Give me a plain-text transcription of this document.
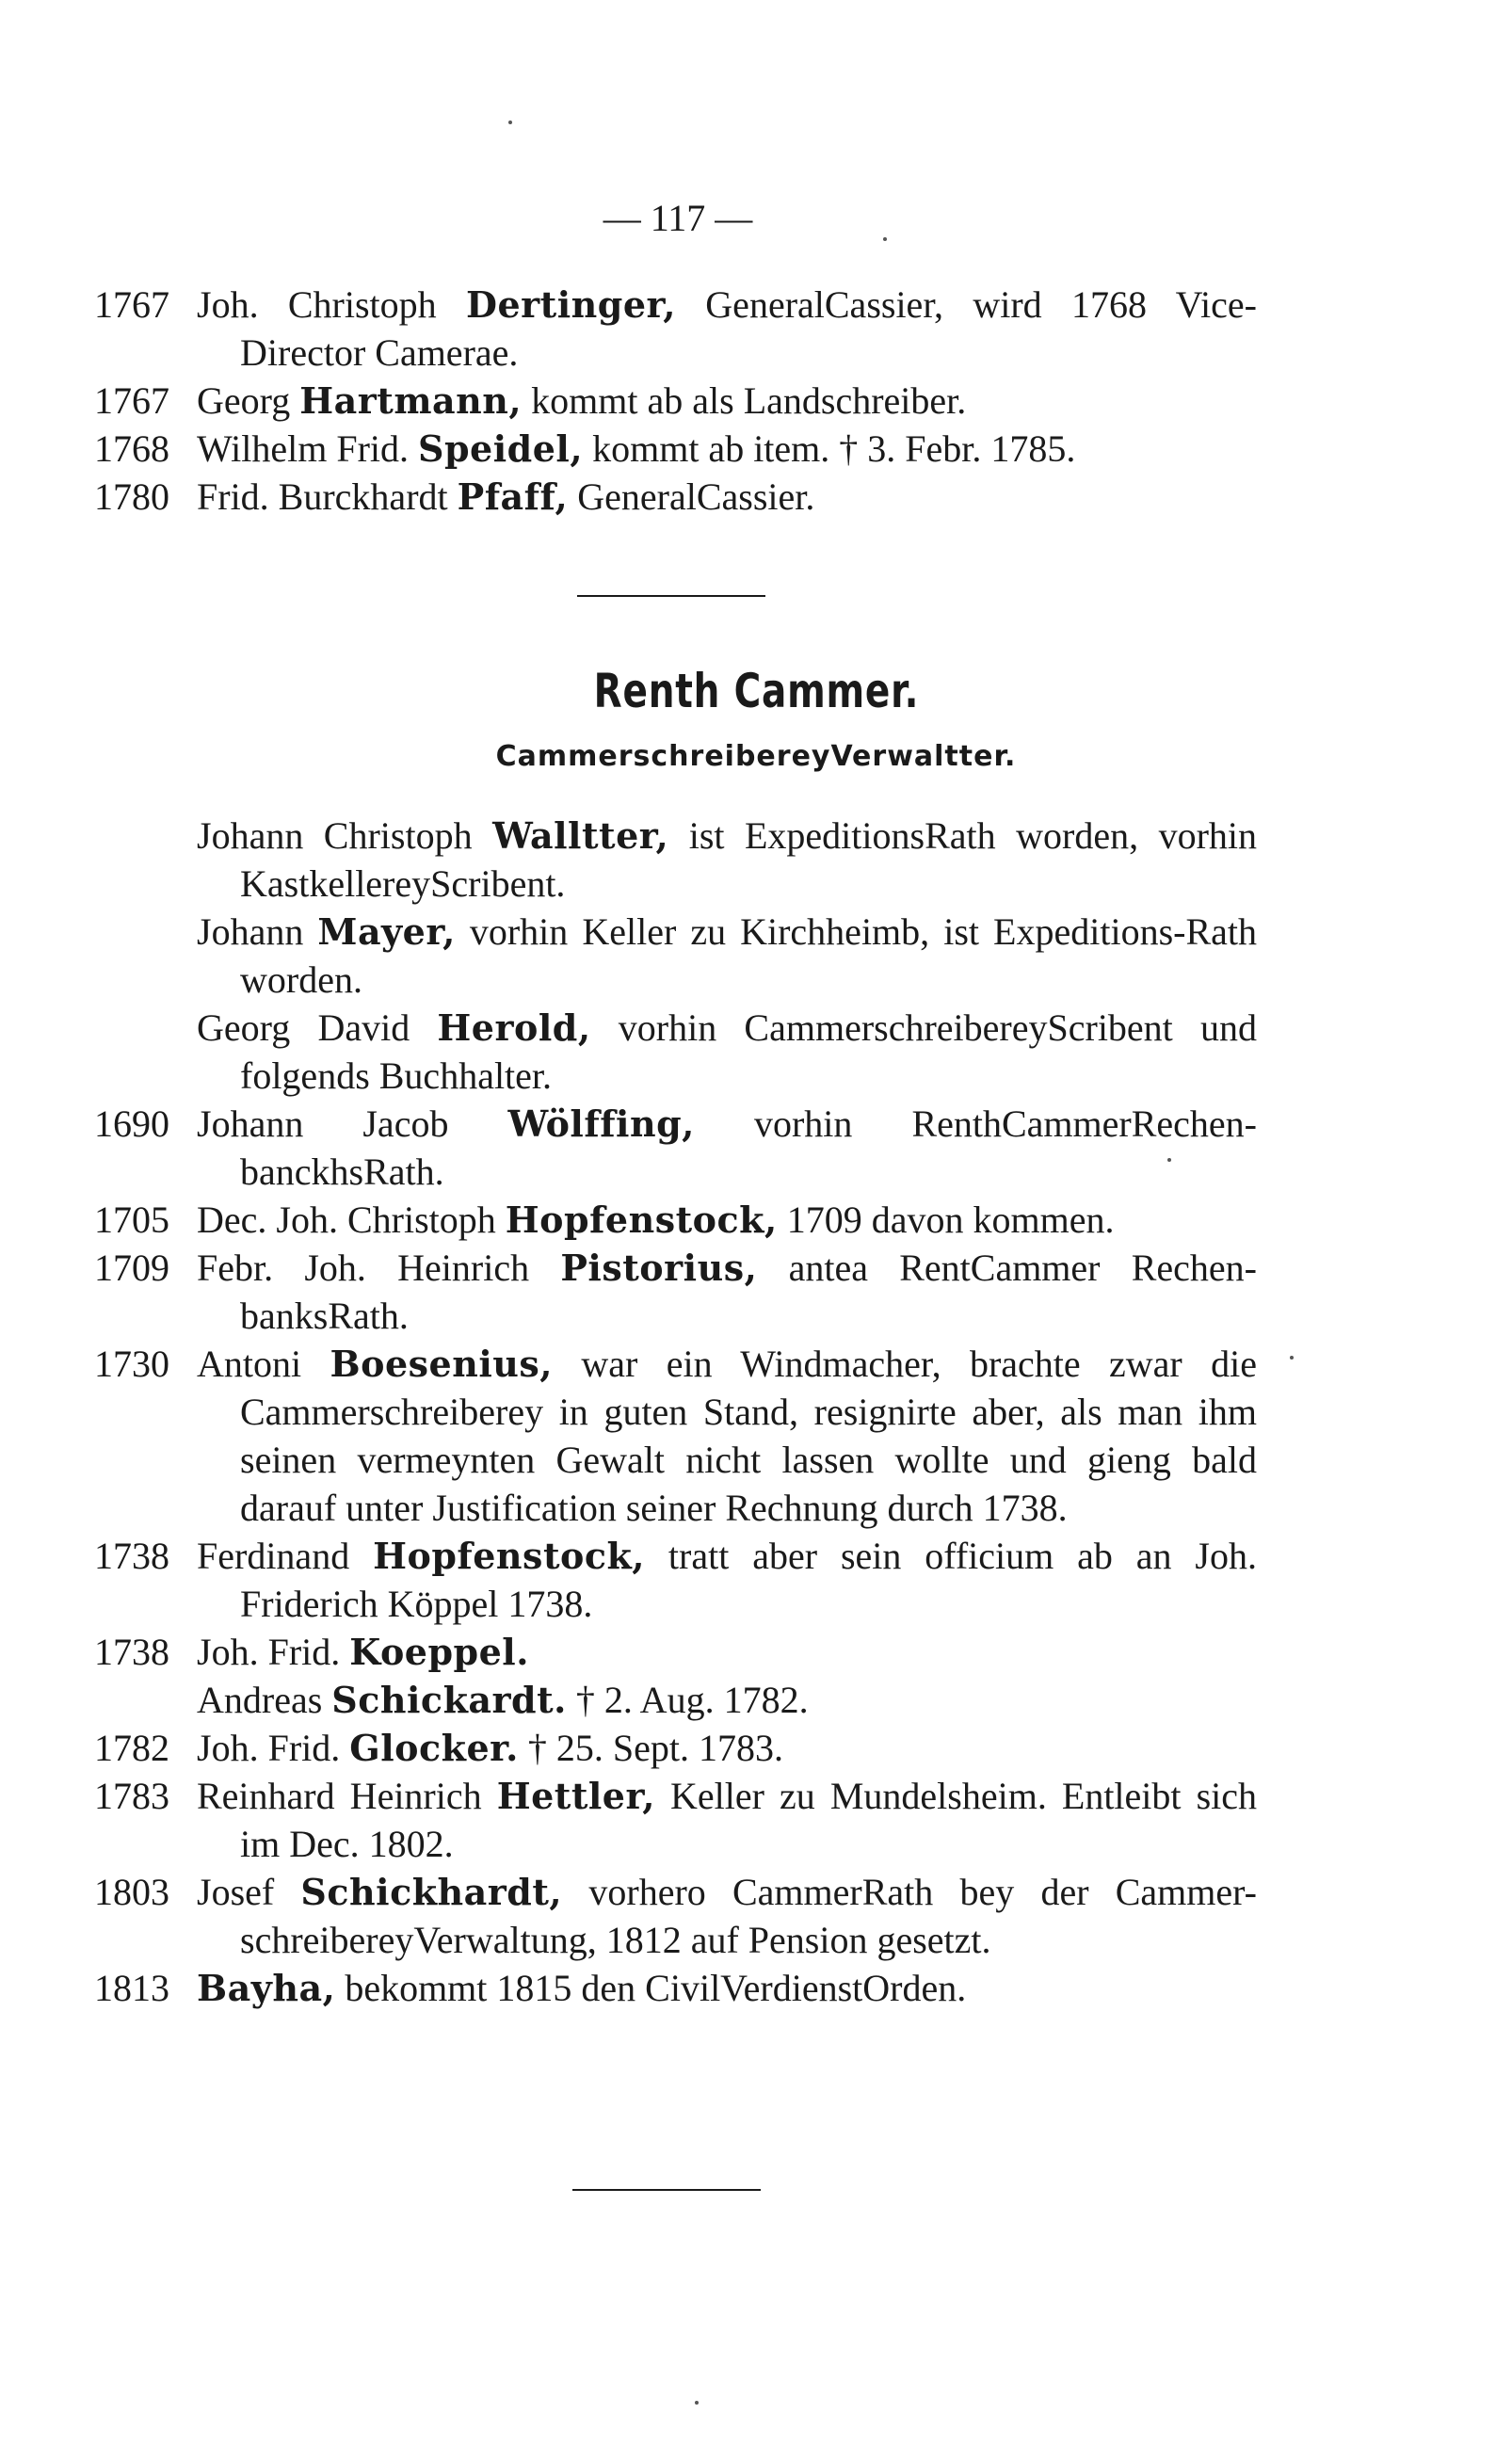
— 117 —

1767 Joh. Christoph Dertinger, GeneralCassier, wird 1768 Vice-Director Camerae.

1767 Georg Hartmann, kommt ab als Landschreiber.

1768 Wilhelm Frid. Speidel, kommt ab item. † 3. Febr. 1785.

1780 Frid. Burckhardt Pfaff, GeneralCassier.

Renth Cammer.
CammerschreibereyVerwaltter.

Johann Christoph Walltter, ist ExpeditionsRath worden, vorhin KastkellereyScribent.

Johann Mayer, vorhin Keller zu Kirchheimb, ist Expeditions-Rath worden.

Georg David Herold, vorhin CammerschreibereyScribent und folgends Buchhalter.

1690 Johann Jacob Wölffing, vorhin RenthCammerRechen-banckhsRath.

1705 Dec. Joh. Christoph Hopfenstock, 1709 davon kommen.

1709 Febr. Joh. Heinrich Pistorius, antea RentCammer Rechen-banksRath.

1730 Antoni Boesenius, war ein Windmacher, brachte zwar die Cammerschreiberey in guten Stand, resignirte aber, als man ihm seinen vermeynten Gewalt nicht lassen wollte und gieng bald darauf unter Justification seiner Rechnung durch 1738.

1738 Ferdinand Hopfenstock, tratt aber sein officium ab an Joh. Friderich Köppel 1738.

1738 Joh. Frid. Koeppel.

Andreas Schickardt. † 2. Aug. 1782.

1782 Joh. Frid. Glocker. † 25. Sept. 1783.

1783 Reinhard Heinrich Hettler, Keller zu Mundelsheim. Entleibt sich im Dec. 1802.

1803 Josef Schickhardt, vorhero CammerRath bey der Cammer-schreibereyVerwaltung, 1812 auf Pension gesetzt.

1813 Bayha, bekommt 1815 den CivilVerdienstOrden.
